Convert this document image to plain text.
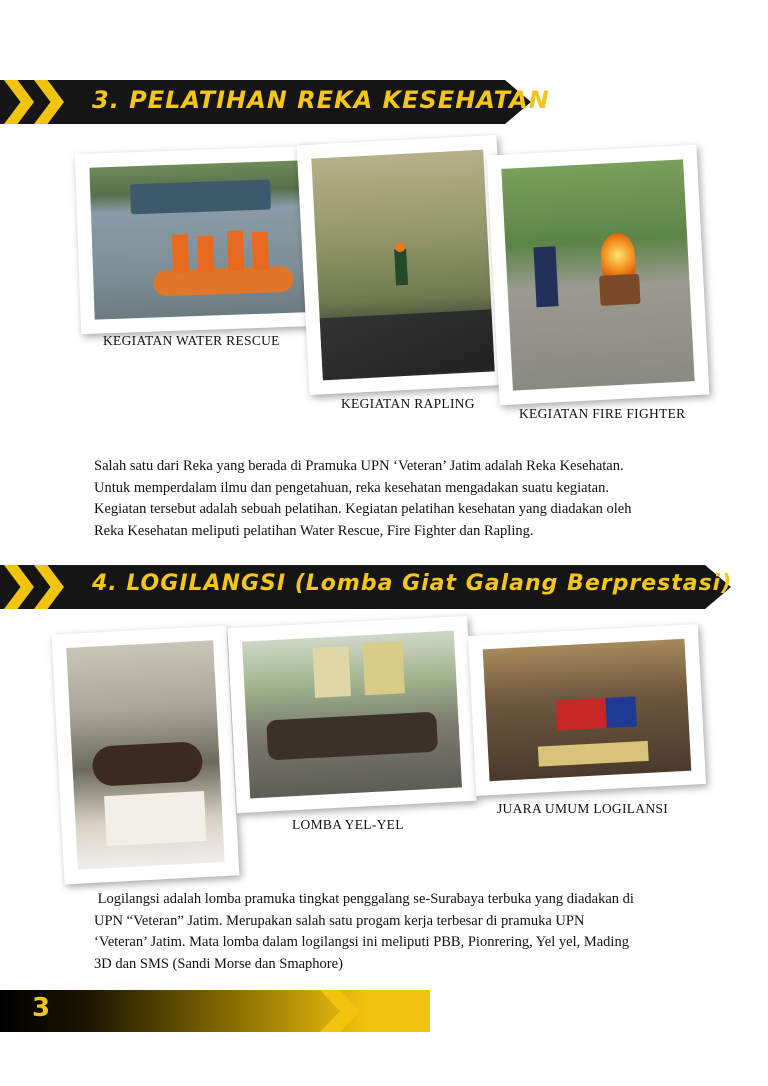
3. PELATIHAN REKA KESEHATAN
KEGIATAN WATER RESCUE
KEGIATAN RAPLING
KEGIATAN FIRE FIGHTER

Salah satu dari Reka yang berada di Pramuka UPN ‘Veteran’ Jatim adalah Reka Kesehatan.

Untuk memperdalam ilmu dan pengetahuan, reka kesehatan mengadakan suatu kegiatan.

Kegiatan tersebut adalah sebuah pelatihan. Kegiatan pelatihan kesehatan yang diadakan oleh

Reka Kesehatan meliputi pelatihan Water Rescue, Fire Fighter dan Rapling.

4. LOGILANGSI (Lomba Giat Galang Berprestasi)
LOMBA YEL-YEL
JUARA UMUM LOGILANSI

Logilangsi adalah lomba pramuka tingkat penggalang se-Surabaya terbuka yang diadakan di

UPN “Veteran” Jatim. Merupakan salah satu progam kerja terbesar di pramuka UPN

‘Veteran’ Jatim. Mata lomba dalam logilangsi ini meliputi PBB, Pionrering, Yel yel, Mading

3D dan SMS (Sandi Morse dan Smaphore)

3
